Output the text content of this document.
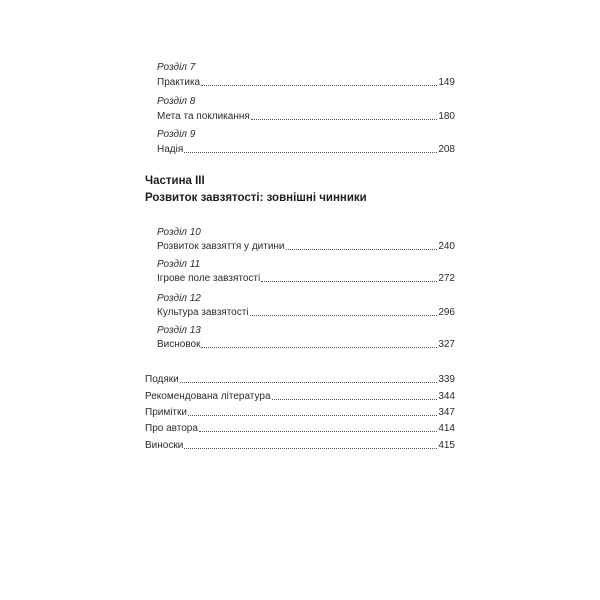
Розділ 7
Практика	149
Розділ 8
Мета та покликання	180
Розділ 9
Надія	208
Частина III
Розвиток завзятості: зовнішні чинники
Розділ 10
Розвиток завзяття у дитини	240
Розділ 11
Ігрове поле завзятості	272
Розділ 12
Культура завзятості	296
Розділ 13
Висновок	327
Подяки	339
Рекомендована література	344
Примітки	347
Про автора	414
Виноски	415
